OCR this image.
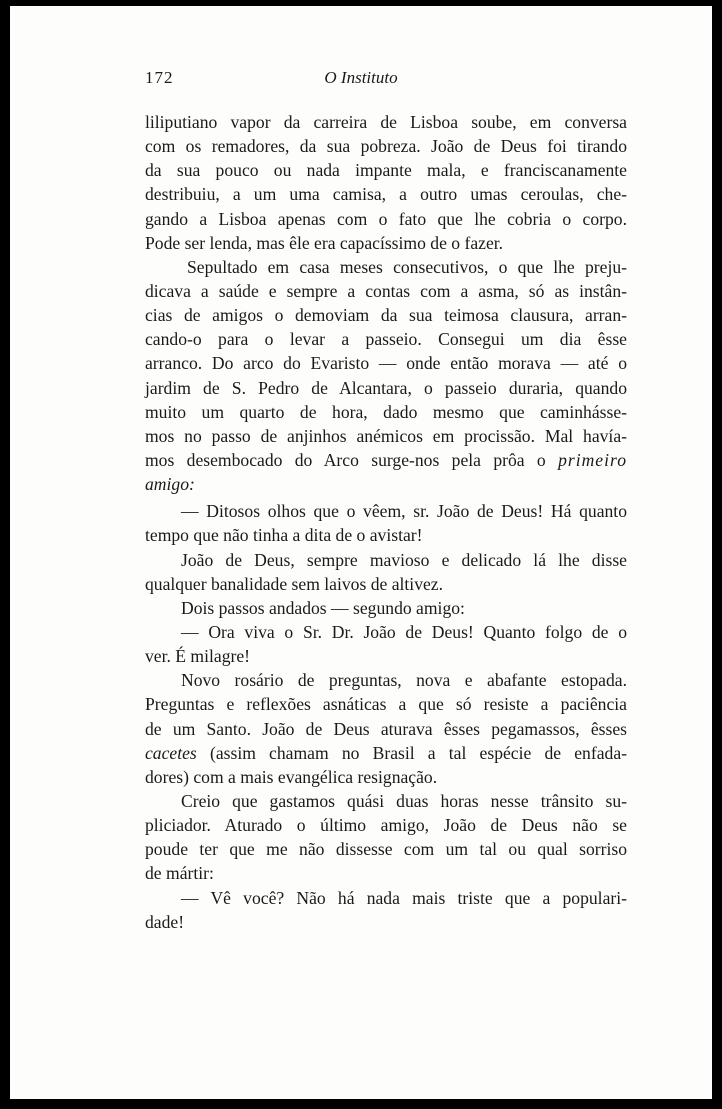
172	O Instituto
liliputiano vapor da carreira de Lisboa soube, em conversa
com os remadores, da sua pobreza. João de Deus foi tirando
da sua pouco ou nada impante mala, e franciscanamente
destribuiu, a um uma camisa, a outro umas ceroulas, che-
gando a Lisboa apenas com o fato que lhe cobria o corpo.
Pode ser lenda, mas êle era capacíssimo de o fazer.
Sepultado em casa meses consecutivos, o que lhe preju-
dicava a saúde e sempre a contas com a asma, só as instân-
cias de amigos o demoviam da sua teimosa clausura, arran-
cando-o para o levar a passeio. Consegui um dia êsse
arranco. Do arco do Evaristo — onde então morava — até o
jardim de S. Pedro de Alcantara, o passeio duraria, quando
muito um quarto de hora, dado mesmo que caminhásse-
mos no passo de anjinhos anémicos em procissão. Mal havía-
mos desembocado do Arco surge-nos pela prôa o primeiro
amigo:
— Ditosos olhos que o vêem, sr. João de Deus! Há quanto
tempo que não tinha a dita de o avistar!
João de Deus, sempre mavioso e delicado lá lhe disse
qualquer banalidade sem laivos de altivez.
Dois passos andados — segundo amigo:
— Ora viva o Sr. Dr. João de Deus! Quanto folgo de o
ver. É milagre!
Novo rosário de preguntas, nova e abafante estopada.
Preguntas e reflexões asnáticas a que só resiste a paciência
de um Santo. João de Deus aturava êsses pegamassos, êsses
cacetes (assim chamam no Brasil a tal espécie de enfada-
dores) com a mais evangélica resignação.
Creio que gastamos quási duas horas nesse trânsito su-
pliciador. Aturado o último amigo, João de Deus não se
poude ter que me não dissesse com um tal ou qual sorriso
de mártir:
— Vê você? Não há nada mais triste que a populari-
dade!
